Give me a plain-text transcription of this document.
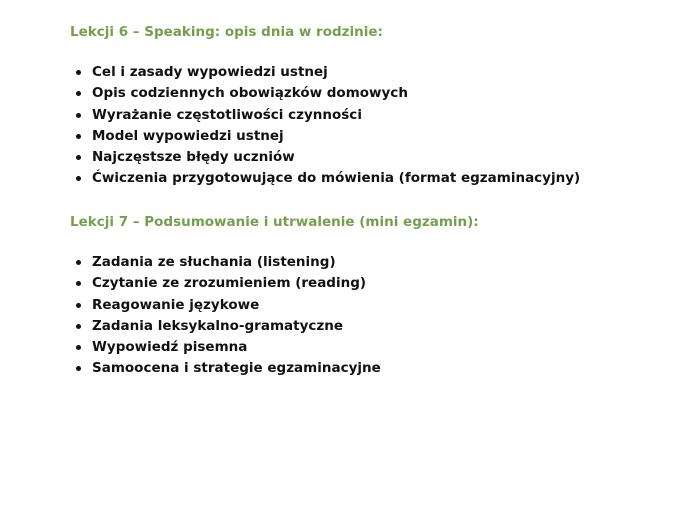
Lekcji 6 – Speaking: opis dnia w rodzinie:

Cel i zasady wypowiedzi ustnej
Opis codziennych obowiązków domowych
Wyrażanie częstotliwości czynności
Model wypowiedzi ustnej
Najczęstsze błędy uczniów
Ćwiczenia przygotowujące do mówienia (format egzaminacyjny)

Lekcji 7 – Podsumowanie i utrwalenie (mini egzamin):

Zadania ze słuchania (listening)
Czytanie ze zrozumieniem (reading)
Reagowanie językowe
Zadania leksykalno-gramatyczne
Wypowiedź pisemna
Samoocena i strategie egzaminacyjne
